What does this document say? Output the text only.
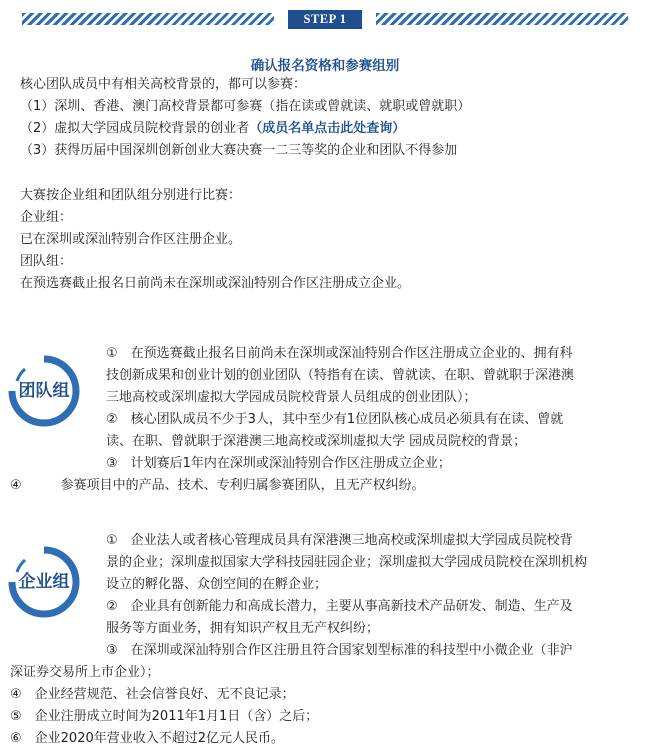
STEP 1
确认报名资格和参赛组别
核心团队成员中有相关高校背景的，都可以参赛：
（1）深圳、香港、澳门高校背景都可参赛（指在读或曾就读、就职或曾就职）
（2）虚拟大学园成员院校背景的创业者（成员名单点击此处查询）
（3）获得历届中国深圳创新创业大赛决赛一二三等奖的企业和团队不得参加
大赛按企业组和团队组分别进行比赛：
企业组：
已在深圳或深汕特别合作区注册企业。
团队组：
在预选赛截止报名日前尚未在深圳或深汕特别合作区注册成立企业。
团队组
①　在预选赛截止报名日前尚未在深圳或深汕特别合作区注册成立企业的、拥有科
技创新成果和创业计划的创业团队（特指有在读、曾就读、在职、曾就职于深港澳
三地高校或深圳虚拟大学园成员院校背景人员组成的创业团队）；
②　核心团队成员不少于3人，其中至少有1位团队核心成员必须具有在读、曾就
读、在职、曾就职于深港澳三地高校或深圳虚拟大学 园成员院校的背景；
③　计划赛后1年内在深圳或深汕特别合作区注册成立企业；
④　　　参赛项目中的产品、技术、专利归属参赛团队，且无产权纠纷。
企业组
①　企业法人或者核心管理成员具有深港澳三地高校或深圳虚拟大学园成员院校背
景的企业；深圳虚拟国家大学科技园驻园企业；深圳虚拟大学园成员院校在深圳机构
设立的孵化器、众创空间的在孵企业；
②　企业具有创新能力和高成长潜力，主要从事高新技术产品研发、制造、生产及
服务等方面业务，拥有知识产权且无产权纠纷；
③　在深圳或深汕特别合作区注册且符合国家划型标准的科技型中小微企业（非沪
深证券交易所上市企业）；
④　企业经营规范、社会信誉良好、无不良记录；
⑤　企业注册成立时间为2011年1月1日（含）之后；
⑥　企业2020年营业收入不超过2亿元人民币。
